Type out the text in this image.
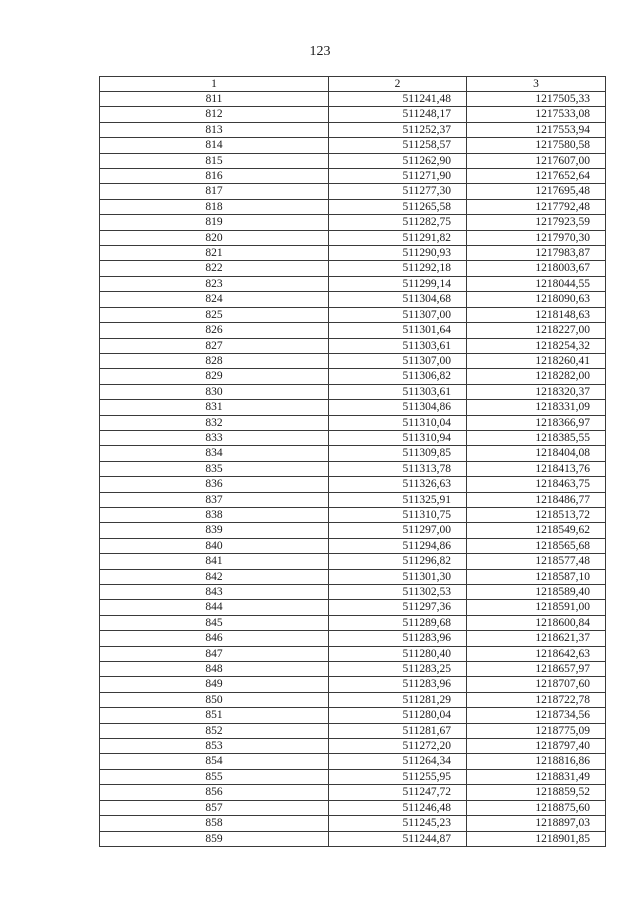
123
1	2	3
811	511241,48	1217505,33
812	511248,17	1217533,08
813	511252,37	1217553,94
814	511258,57	1217580,58
815	511262,90	1217607,00
816	511271,90	1217652,64
817	511277,30	1217695,48
818	511265,58	1217792,48
819	511282,75	1217923,59
820	511291,82	1217970,30
821	511290,93	1217983,87
822	511292,18	1218003,67
823	511299,14	1218044,55
824	511304,68	1218090,63
825	511307,00	1218148,63
826	511301,64	1218227,00
827	511303,61	1218254,32
828	511307,00	1218260,41
829	511306,82	1218282,00
830	511303,61	1218320,37
831	511304,86	1218331,09
832	511310,04	1218366,97
833	511310,94	1218385,55
834	511309,85	1218404,08
835	511313,78	1218413,76
836	511326,63	1218463,75
837	511325,91	1218486,77
838	511310,75	1218513,72
839	511297,00	1218549,62
840	511294,86	1218565,68
841	511296,82	1218577,48
842	511301,30	1218587,10
843	511302,53	1218589,40
844	511297,36	1218591,00
845	511289,68	1218600,84
846	511283,96	1218621,37
847	511280,40	1218642,63
848	511283,25	1218657,97
849	511283,96	1218707,60
850	511281,29	1218722,78
851	511280,04	1218734,56
852	511281,67	1218775,09
853	511272,20	1218797,40
854	511264,34	1218816,86
855	511255,95	1218831,49
856	511247,72	1218859,52
857	511246,48	1218875,60
858	511245,23	1218897,03
859	511244,87	1218901,85
